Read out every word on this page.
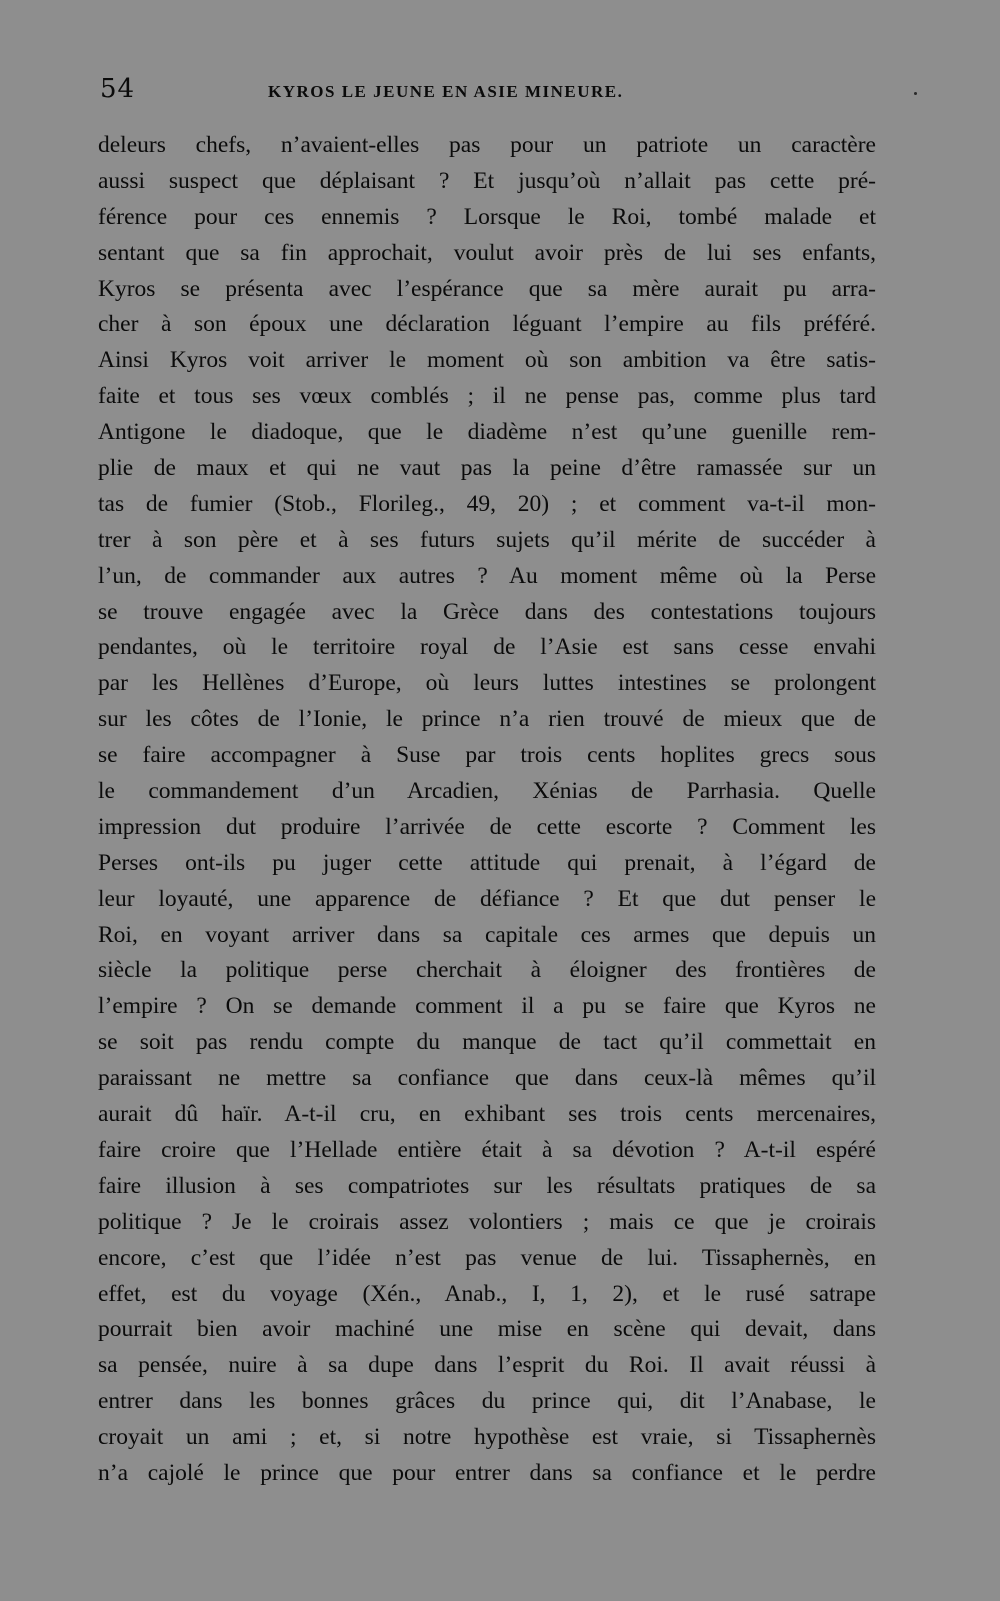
54	KYROS LE JEUNE EN ASIE MINEURE.
deleurs chefs, n’avaient-elles pas pour un patriote un caractère
aussi suspect que déplaisant ? Et jusqu’où n’allait pas cette pré-
férence pour ces ennemis ? Lorsque le Roi, tombé malade et
sentant que sa fin approchait, voulut avoir près de lui ses enfants,
Kyros se présenta avec l’espérance que sa mère aurait pu arra-
cher à son époux une déclaration léguant l’empire au fils préféré.
Ainsi Kyros voit arriver le moment où son ambition va être satis-
faite et tous ses vœux comblés ; il ne pense pas, comme plus tard
Antigone le diadoque, que le diadème n’est qu’une guenille rem-
plie de maux et qui ne vaut pas la peine d’être ramassée sur un
tas de fumier (Stob., Florileg., 49, 20) ; et comment va-t-il mon-
trer à son père et à ses futurs sujets qu’il mérite de succéder à
l’un, de commander aux autres ? Au moment même où la Perse
se trouve engagée avec la Grèce dans des contestations toujours
pendantes, où le territoire royal de l’Asie est sans cesse envahi
par les Hellènes d’Europe, où leurs luttes intestines se prolongent
sur les côtes de l’Ionie, le prince n’a rien trouvé de mieux que de
se faire accompagner à Suse par trois cents hoplites grecs sous
le commandement d’un Arcadien, Xénias de Parrhasia. Quelle
impression dut produire l’arrivée de cette escorte ? Comment les
Perses ont-ils pu juger cette attitude qui prenait, à l’égard de
leur loyauté, une apparence de défiance ? Et que dut penser le
Roi, en voyant arriver dans sa capitale ces armes que depuis un
siècle la politique perse cherchait à éloigner des frontières de
l’empire ? On se demande comment il a pu se faire que Kyros ne
se soit pas rendu compte du manque de tact qu’il commettait en
paraissant ne mettre sa confiance que dans ceux-là mêmes qu’il
aurait dû haïr. A-t-il cru, en exhibant ses trois cents mercenaires,
faire croire que l’Hellade entière était à sa dévotion ? A-t-il espéré
faire illusion à ses compatriotes sur les résultats pratiques de sa
politique ? Je le croirais assez volontiers ; mais ce que je croirais
encore, c’est que l’idée n’est pas venue de lui. Tissaphernès, en
effet, est du voyage (Xén., Anab., I, 1, 2), et le rusé satrape
pourrait bien avoir machiné une mise en scène qui devait, dans
sa pensée, nuire à sa dupe dans l’esprit du Roi. Il avait réussi à
entrer dans les bonnes grâces du prince qui, dit l’Anabase, le
croyait un ami ; et, si notre hypothèse est vraie, si Tissaphernès
n’a cajolé le prince que pour entrer dans sa confiance et le perdre
